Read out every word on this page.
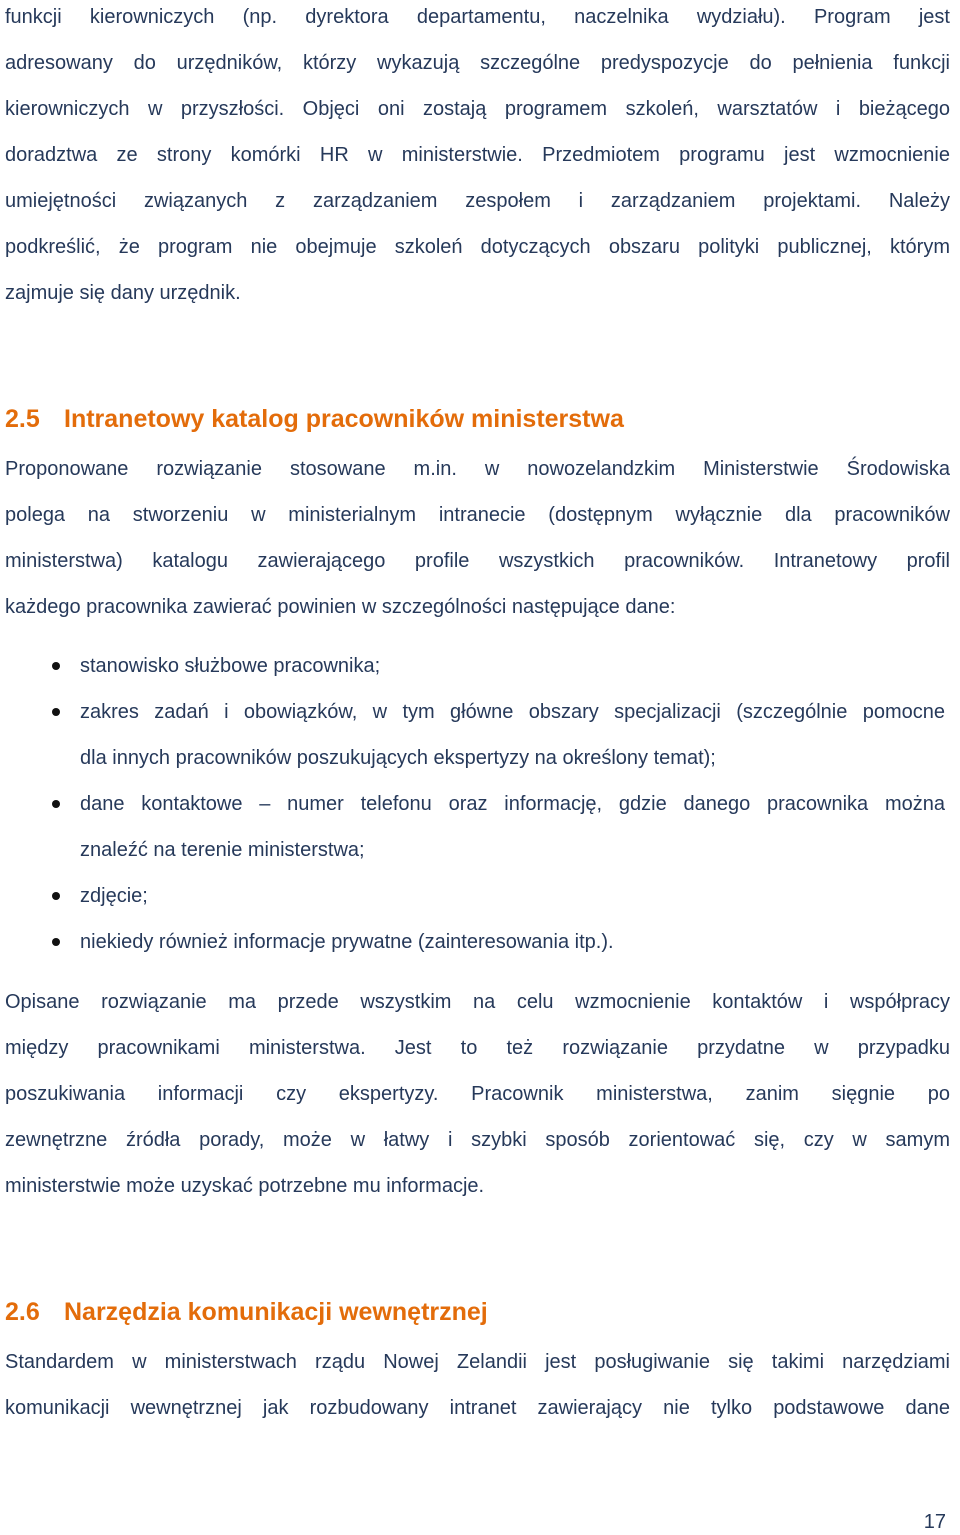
funkcji kierowniczych (np. dyrektora departamentu, naczelnika wydziału). Program jest
adresowany do urzędników, którzy wykazują szczególne predyspozycje do pełnienia funkcji
kierowniczych w przyszłości. Objęci oni zostają programem szkoleń, warsztatów i bieżącego
doradztwa ze strony komórki HR w ministerstwie. Przedmiotem programu jest wzmocnienie
umiejętności związanych z zarządzaniem zespołem i zarządzaniem projektami. Należy
podkreślić, że program nie obejmuje szkoleń dotyczących obszaru polityki publicznej, którym
zajmuje się dany urzędnik.
2.5 Intranetowy katalog pracowników ministerstwa
Proponowane rozwiązanie stosowane m.in. w nowozelandzkim Ministerstwie Środowiska
polega na stworzeniu w ministerialnym intranecie (dostępnym wyłącznie dla pracowników
ministerstwa) katalogu zawierającego profile wszystkich pracowników. Intranetowy profil
każdego pracownika zawierać powinien w szczególności następujące dane:
stanowisko służbowe pracownika;
zakres zadań i obowiązków, w tym główne obszary specjalizacji (szczególnie pomocne
dla innych pracowników poszukujących ekspertyzy na określony temat);
dane kontaktowe – numer telefonu oraz informację, gdzie danego pracownika można
znaleźć na terenie ministerstwa;
zdjęcie;
niekiedy również informacje prywatne (zainteresowania itp.).
Opisane rozwiązanie ma przede wszystkim na celu wzmocnienie kontaktów i współpracy
między pracownikami ministerstwa. Jest to też rozwiązanie przydatne w przypadku
poszukiwania informacji czy ekspertyzy. Pracownik ministerstwa, zanim sięgnie po
zewnętrzne źródła porady, może w łatwy i szybki sposób zorientować się, czy w samym
ministerstwie może uzyskać potrzebne mu informacje.
2.6 Narzędzia komunikacji wewnętrznej
Standardem w ministerstwach rządu Nowej Zelandii jest posługiwanie się takimi narzędziami
komunikacji wewnętrznej jak rozbudowany intranet zawierający nie tylko podstawowe dane
17
